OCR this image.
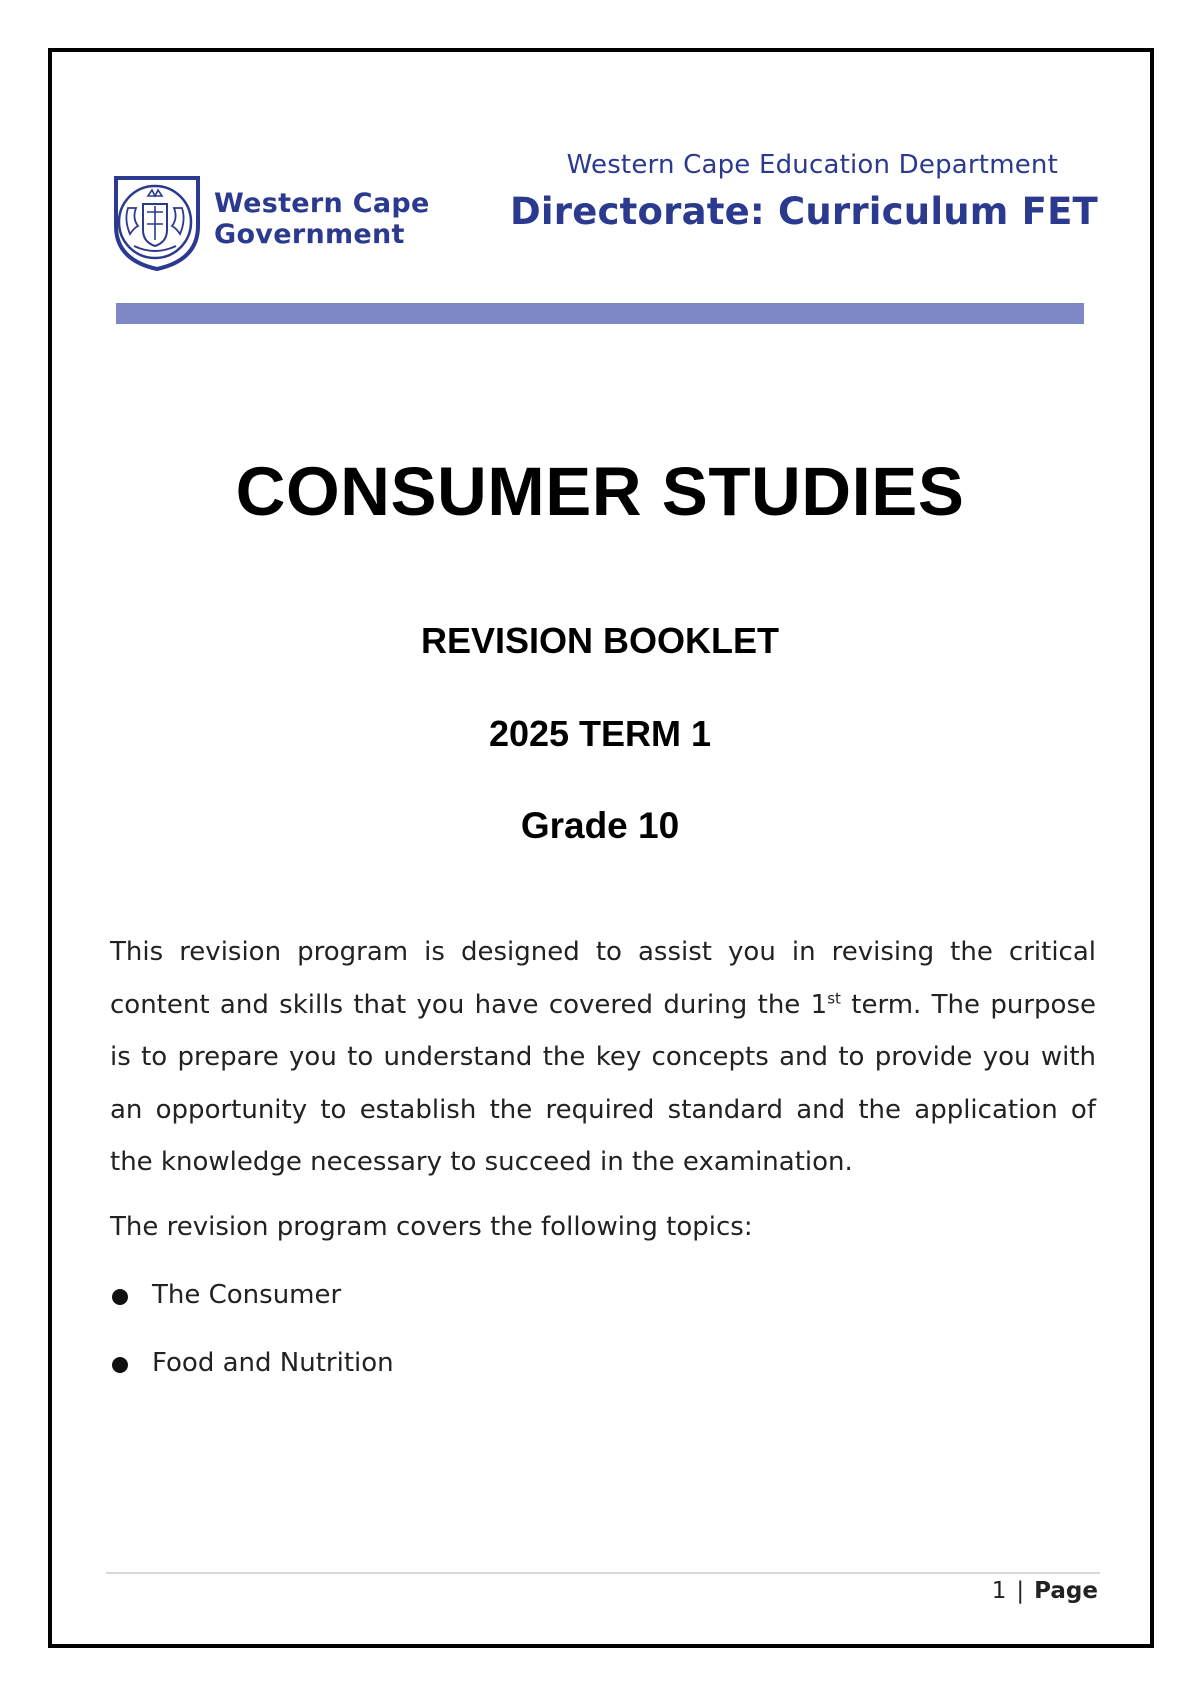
Western Cape
Government
Western Cape Education Department
Directorate: Curriculum FET
CONSUMER STUDIES
REVISION BOOKLET
2025 TERM 1
Grade 10

This revision program is designed to assist you in revising the critical content and skills that you have covered during the 1st term. The purpose is to prepare you to understand the key concepts and to provide you with an opportunity to establish the required standard and the application of the knowledge necessary to succeed in the examination.

The revision program covers the following topics:

The Consumer
Food and Nutrition
1 | Page
